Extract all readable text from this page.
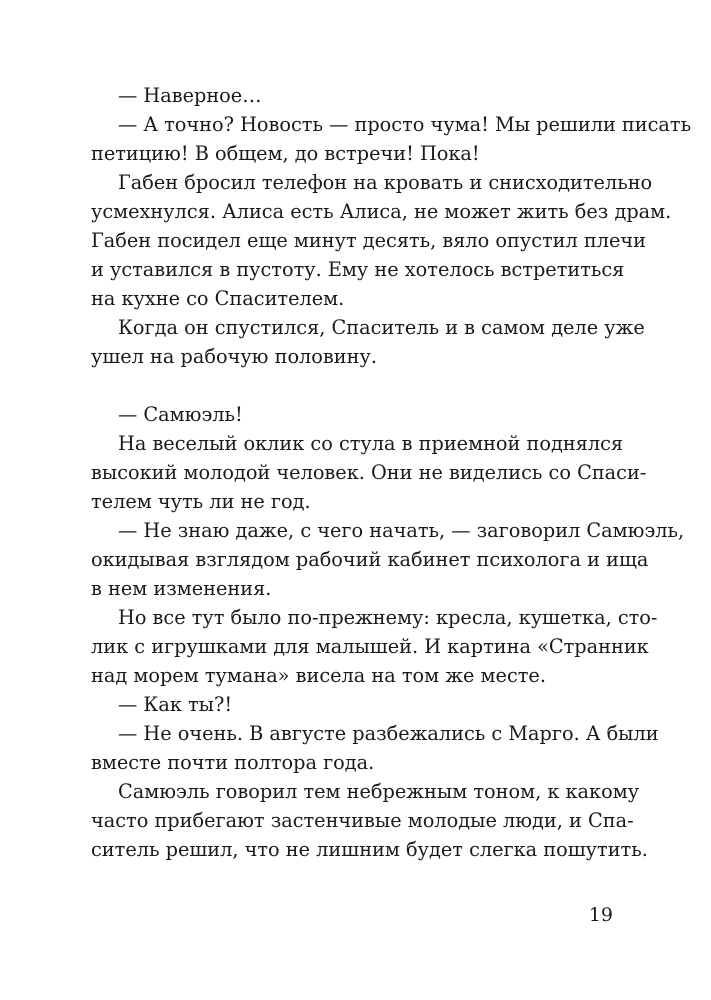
— Наверное…
— А точно? Новость — просто чума! Мы решили писать
петицию! В общем, до встречи! Пока!
Габен бросил телефон на кровать и снисходительно
усмехнулся. Алиса есть Алиса, не может жить без драм.
Габен посидел еще минут десять, вяло опустил плечи
и уставился в пустоту. Ему не хотелось встретиться
на кухне со Спасителем.
Когда он спустился, Спаситель и в самом деле уже
ушел на рабочую половину.
— Самюэль!
На веселый оклик со стула в приемной поднялся
высокий молодой человек. Они не виделись со Спаси-
телем чуть ли не год.
— Не знаю даже, с чего начать, — заговорил Самюэль,
окидывая взглядом рабочий кабинет психолога и ища
в нем изменения.
Но все тут было по-прежнему: кресла, кушетка, сто-
лик с игрушками для малышей. И картина «Странник
над морем тумана» висела на том же месте.
— Как ты?!
— Не очень. В августе разбежались с Марго. А были
вместе почти полтора года.
Самюэль говорил тем небрежным тоном, к какому
часто прибегают застенчивые молодые люди, и Спа-
ситель решил, что не лишним будет слегка пошутить.
19
